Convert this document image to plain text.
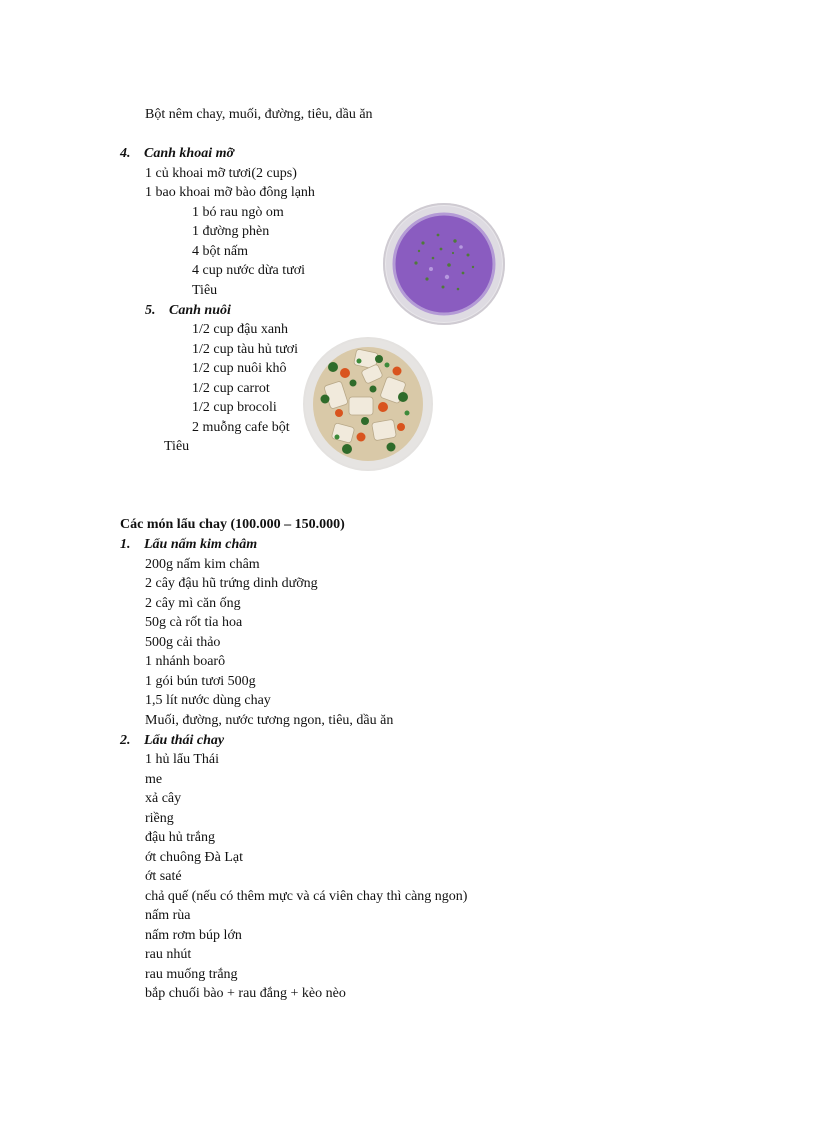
Bột nêm chay, muối, đường, tiêu, dầu ăn
4. Canh khoai mỡ
1 củ khoai mỡ tươi(2 cups)
1 bao khoai mỡ bào đông lạnh
1 bó rau ngò om
1 đường phèn
4 bột nấm
4 cup nước dừa tươi
Tiêu
5. Canh nuôi
1/2 cup đậu xanh
1/2 cup tàu hủ tươi
1/2 cup nuôi khô
1/2 cup carrot
1/2 cup brocoli
2 muỗng cafe bột
Tiêu
Các món lẩu chay (100.000 – 150.000)
1. Lẩu nấm kim châm
200g nấm kim châm
2 cây đậu hũ trứng dinh dưỡng
2 cây mì căn ống
50g cà rốt tỉa hoa
500g cải thảo
1 nhánh boarô
1 gói bún tươi 500g
1,5 lít nước dùng chay
Muối, đường, nước tương ngon, tiêu, dầu ăn
2. Lẩu thái chay
1 hủ lẩu Thái
me
xả cây
riềng
đậu hủ trắng
ớt chuông Đà Lạt
ớt saté
chả quế (nếu có thêm mực và cá viên chay thì càng ngon)
nấm rùa
nấm rơm búp lớn
rau nhút
rau muống trắng
bắp chuối bào + rau đắng + kèo nèo
